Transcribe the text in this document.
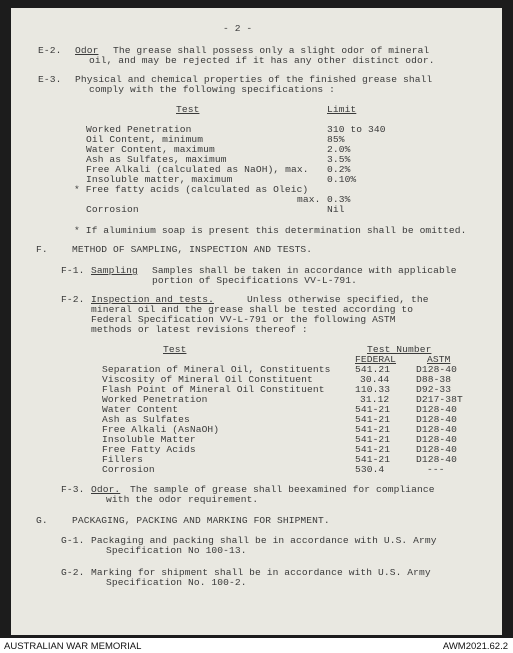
- 2 -
E-2. Odor The grease shall possess only a slight odor of mineral
oil, and may be rejected if it has any other distinct odor.
E-3. Physical and chemical properties of the finished grease shall
comply with the following specifications :
Test	Limit
Worked Penetration	310 to 340
Oil Content, minimum	85%
Water Content, maximum	2.0%
Ash as Sulfates, maximum	3.5%
Free Alkali (calculated as NaOH), max. 0.2%
Insoluble matter, maximum	0.10%
* Free fatty acids (calculated as Oleic)
max. 0.3%
Corrosion	Nil
* If aluminium soap is present this determination shall be omitted.
F.	METHOD OF SAMPLING, INSPECTION AND TESTS.
F-1. Sampling Samples shall be taken in accordance with applicable
portion of Specifications VV-L-791.
F-2. Inspection and tests.	Unless otherwise specified, the
mineral oil and the grease shall be tested according to
Federal Specification VV-L-791 or the following ASTM
methods or latest revisions thereof :
Test	Test Number
FEDERAL	ASTM
Separation of Mineral Oil, Constituents	541.21	D128-40
Viscosity of Mineral Oil Constituent	30.44	D88-38
Flash Point of Mineral Oil Constituent	110.33	D92-33
Worked Penetration	31.12	D217-38T
Water Content	541-21	D128-40
Ash as Sulfates	541-21	D128-40
Free Alkali (AsNaOH)	541-21	D128-40
Insoluble Matter	541-21	D128-40
Free Fatty Acids	541-21	D128-40
Fillers	541-21	D128-40
Corrosion	530.4	---
F-3. Odor. The sample of grease shall beexamined for compliance
with the odor requirement.
G.	PACKAGING, PACKING AND MARKING FOR SHIPMENT.
G-1. Packaging and packing shall be in accordance with U.S. Army
Specification No 100-13.
G-2. Marking for shipment shall be in accordance with U.S. Army
Specification No. 100-2.
AUSTRALIAN WAR MEMORIAL	AWM2021.62.2
